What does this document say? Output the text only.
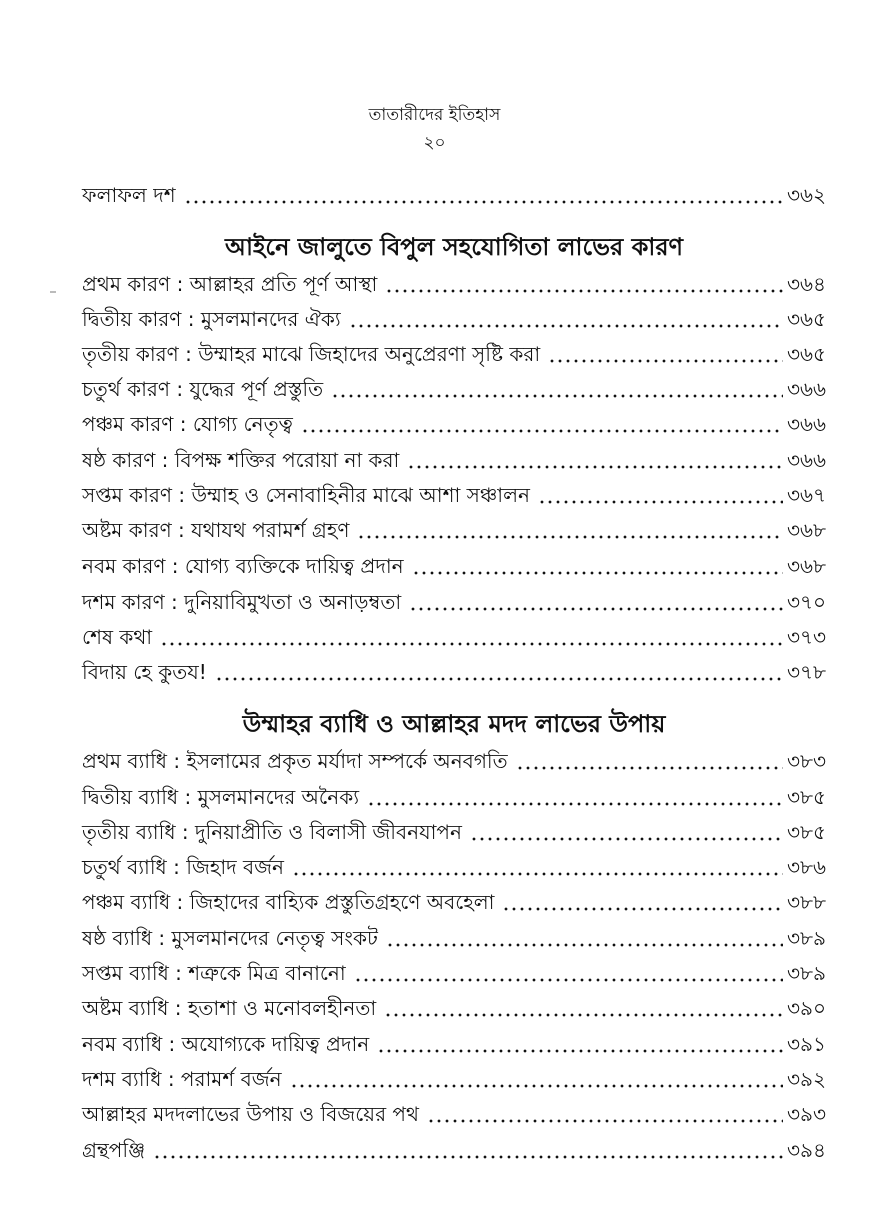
তাতারীদের ইতিহাস
২০
ফলাফল দশ	৩৬২
আইনে জালুতে বিপুল সহযোগিতা লাভের কারণ
প্রথম কারণ : আল্লাহর প্রতি পূর্ণ আস্থা	৩৬৪
দ্বিতীয় কারণ : মুসলমানদের ঐক্য	৩৬৫
তৃতীয় কারণ : উম্মাহর মাঝে জিহাদের অনুপ্রেরণা সৃষ্টি করা	৩৬৫
চতুর্থ কারণ : যুদ্ধের পূর্ণ প্রস্তুতি	৩৬৬
পঞ্চম কারণ : যোগ্য নেতৃত্ব	৩৬৬
ষষ্ঠ কারণ : বিপক্ষ শক্তির পরোয়া না করা	৩৬৬
সপ্তম কারণ : উম্মাহ ও সেনাবাহিনীর মাঝে আশা সঞ্চালন	৩৬৭
অষ্টম কারণ : যথাযথ পরামর্শ গ্রহণ	৩৬৮
নবম কারণ : যোগ্য ব্যক্তিকে দায়িত্ব প্রদান	৩৬৮
দশম কারণ : দুনিয়াবিমুখতা ও অনাড়ম্বতা	৩৭০
শেষ কথা	৩৭৩
বিদায় হে কুতয!	৩৭৮
উম্মাহর ব্যাধি ও আল্লাহর মদদ লাভের উপায়
প্রথম ব্যাধি : ইসলামের প্রকৃত মর্যাদা সম্পর্কে অনবগতি	৩৮৩
দ্বিতীয় ব্যাধি : মুসলমানদের অনৈক্য	৩৮৫
তৃতীয় ব্যাধি : দুনিয়াপ্রীতি ও বিলাসী জীবনযাপন	৩৮৫
চতুর্থ ব্যাধি : জিহাদ বর্জন	৩৮৬
পঞ্চম ব্যাধি : জিহাদের বাহ্যিক প্রস্তুতিগ্রহণে অবহেলা	৩৮৮
ষষ্ঠ ব্যাধি : মুসলমানদের নেতৃত্ব সংকট	৩৮৯
সপ্তম ব্যাধি : শত্রুকে মিত্র বানানো	৩৮৯
অষ্টম ব্যাধি : হতাশা ও মনোবলহীনতা	৩৯০
নবম ব্যাধি : অযোগ্যকে দায়িত্ব প্রদান	৩৯১
দশম ব্যাধি : পরামর্শ বর্জন	৩৯২
আল্লাহর মদদলাভের উপায় ও বিজয়ের পথ	৩৯৩
গ্রন্থপঞ্জি	৩৯৪
